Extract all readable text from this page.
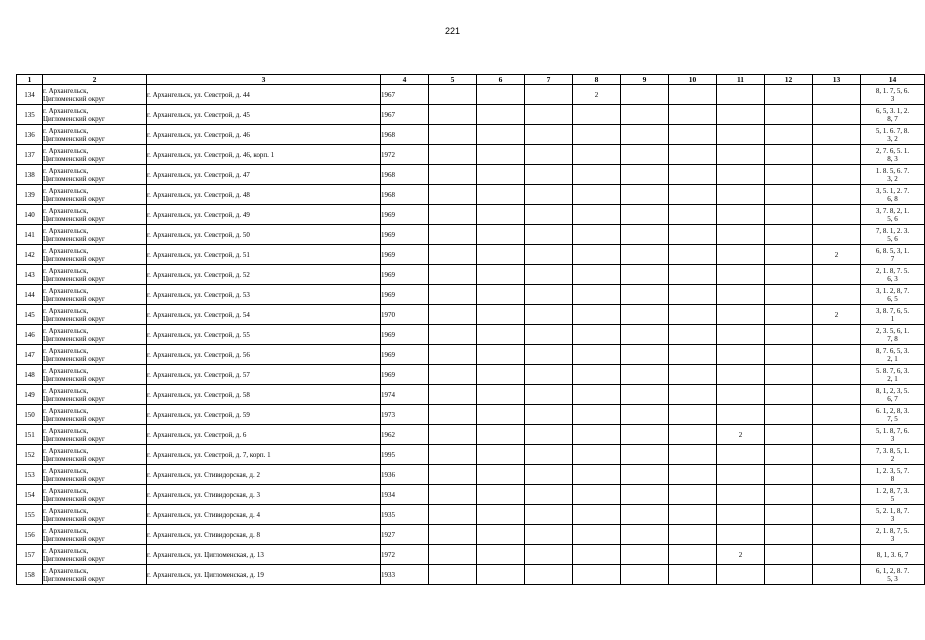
221
1	2	3	4	5	6	7	8	9	10	11	12	13	14
134	г. Архангельск,
Цигломенский округ	г. Архангельск, ул. Севстрой, д. 44	1967				2						8, 1. 7, 5, 6.
3

135	г. Архангельск,
Цигломенский округ	г. Архангельск, ул. Севстрой, д. 45	1967										6, 5, 3. 1, 2.
8, 7

136	г. Архангельск,
Цигломенский округ	г. Архангельск, ул. Севстрой, д. 46	1968										5, 1. 6. 7, 8.
3, 2

137	г. Архангельск,
Цигломенский округ	г. Архангельск, ул. Севстрой, д. 46, корп. 1	1972										2, 7. 6, 5. 1.
8, 3

138	г. Архангельск,
Цигломенский округ	г. Архангельск, ул. Севстрой, д. 47	1968										1. 8. 5, 6. 7.
3, 2

139	г. Архангельск,
Цигломенский округ	г. Архангельск, ул. Севстрой, д. 48	1968										3, 5. 1, 2. 7.
6, 8

140	г. Архангельск,
Цигломенский округ	г. Архангельск, ул. Севстрой, д. 49	1969										3, 7. 8, 2, 1.
5, 6

141	г. Архангельск,
Цигломенский округ	г. Архангельск, ул. Севстрой, д. 50	1969										7, 8. 1, 2. 3.
5, 6

142	г. Архангельск,
Цигломенский округ	г. Архангельск, ул. Севстрой, д. 51	1969									2	6, 8. 5, 3, 1.
7

143	г. Архангельск,
Цигломенский округ	г. Архангельск, ул. Севстрой, д. 52	1969										2, 1. 8, 7. 5.
6, 3

144	г. Архангельск,
Цигломенский округ	г. Архангельск, ул. Севстрой, д. 53	1969										3, 1. 2, 8, 7.
6, 5

145	г. Архангельск,
Цигломенский округ	г. Архангельск, ул. Севстрой, д. 54	1970									2	3, 8. 7, 6, 5.
1

146	г. Архангельск,
Цигломенский округ	г. Архангельск, ул. Севстрой, д. 55	1969										2, 3. 5, 6, 1.
7, 8

147	г. Архангельск,
Цигломенский округ	г. Архангельск, ул. Севстрой, д. 56	1969										8, 7. 6, 5, 3.
2, 1

148	г. Архангельск,
Цигломенский округ	г. Архангельск, ул. Севстрой, д. 57	1969										5. 8. 7, 6, 3.
2, 1

149	г. Архангельск,
Цигломенский округ	г. Архангельск, ул. Севстрой, д. 58	1974										8, 1, 2, 3, 5.
6, 7

150	г. Архангельск,
Цигломенский округ	г. Архангельск, ул. Севстрой, д. 59	1973										6. 1, 2, 8, 3.
7, 5

151	г. Архангельск,
Цигломенский округ	г. Архангельск, ул. Севстрой, д. 6	1962							2			5, 1. 8, 7, 6.
3

152	г. Архангельск,
Цигломенский округ	г. Архангельск, ул. Севстрой, д. 7, корп. 1	1995										7, 3. 8, 5, 1.
2

153	г. Архангельск,
Цигломенский округ	г. Архангельск, ул. Стивидорская, д. 2	1936										1, 2. 3, 5, 7.
8

154	г. Архангельск,
Цигломенский округ	г. Архангельск, ул. Стивидорская, д. 3	1934										1. 2, 8, 7, 3.
5

155	г. Архангельск,
Цигломенский округ	г. Архангельск, ул. Стивидорская, д. 4	1935										5, 2. 1, 8, 7.
3

156	г. Архангельск,
Цигломенский округ	г. Архангельск, ул. Стивидорская, д. 8	1927										2, 1. 8, 7, 5.
3

157	г. Архангельск,
Цигломенский округ	г. Архангельск, ул. Цигломенская, д. 13	1972							2			8, 1, 3. 6, 7

158	г. Архангельск,
Цигломенский округ	г. Архангельск, ул. Цигломенская, д. 19	1933										6, 1, 2, 8. 7.
5, 3
